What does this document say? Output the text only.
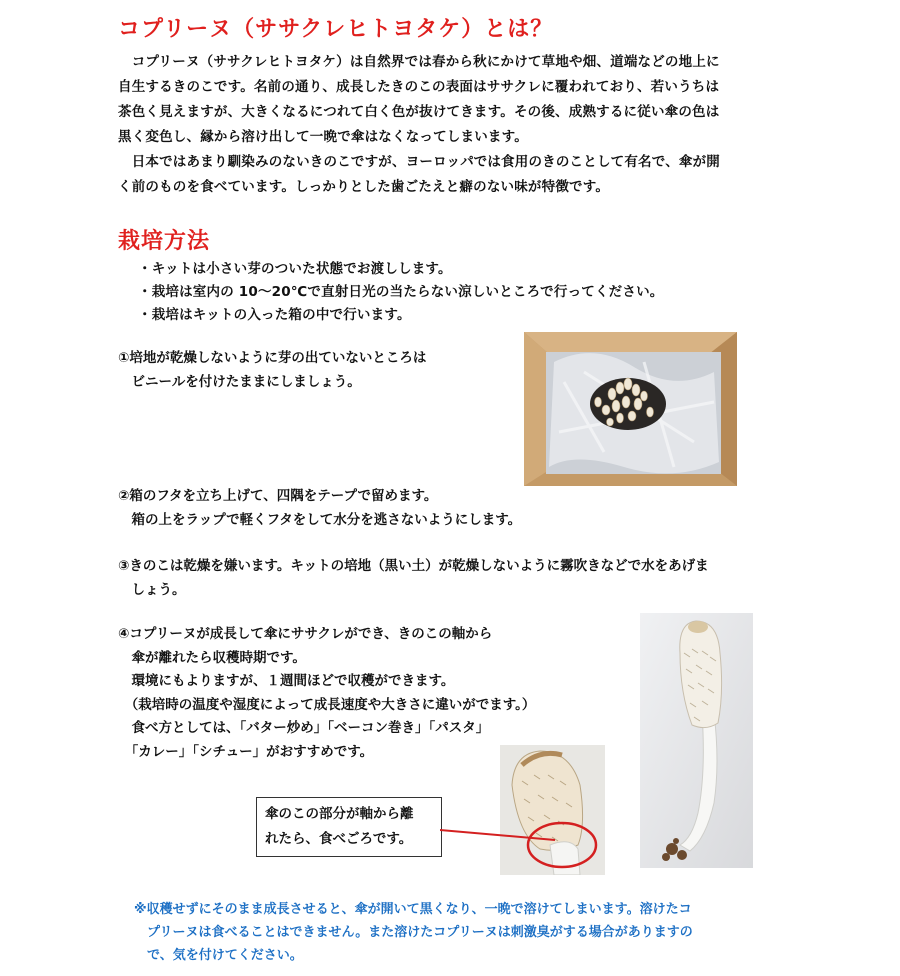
コプリーヌ（ササクレヒトヨタケ）とは？
　コプリーヌ（ササクレヒトヨタケ）は自然界では春から秋にかけて草地や畑、道端などの地上に
自生するきのこです。名前の通り、成長したきのこの表面はササクレに覆われており、若いうちは
茶色く見えますが、大きくなるにつれて白く色が抜けてきます。その後、成熟するに従い傘の色は
黒く変色し、縁から溶け出して一晩で傘はなくなってしまいます。
　日本ではあまり馴染みのないきのこですが、ヨーロッパでは食用のきのことして有名で、傘が開
く前のものを食べています。しっかりとした歯ごたえと癖のない味が特徴です。
栽培方法
・キットは小さい芽のついた状態でお渡しします。
・栽培は室内の 10～20℃で直射日光の当たらない涼しいところで行ってください。
・栽培はキットの入った箱の中で行います。
①培地が乾燥しないように芽の出ていないところは
　ビニールを付けたままにしましょう。
②箱のフタを立ち上げて、四隅をテープで留めます。
　箱の上をラップで軽くフタをして水分を逃さないようにします。
③きのこは乾燥を嫌います。キットの培地（黒い土）が乾燥しないように霧吹きなどで水をあげま
　しょう。
④コプリーヌが成長して傘にササクレができ、きのこの軸から
　傘が離れたら収穫時期です。
　環境にもよりますが、１週間ほどで収穫ができます。
　（栽培時の温度や湿度によって成長速度や大きさに違いがでます。）
　食べ方としては、「バター炒め」「ベーコン巻き」「パスタ」
　「カレー」「シチュー」がおすすめです。
傘のこの部分が軸から離
れたら、食べごろです。
※収穫せずにそのまま成長させると、傘が開いて黒くなり、一晩で溶けてしまいます。溶けたコ
　プリーヌは食べることはできません。また溶けたコプリーヌは刺激臭がする場合がありますの
　で、気を付けてください。
